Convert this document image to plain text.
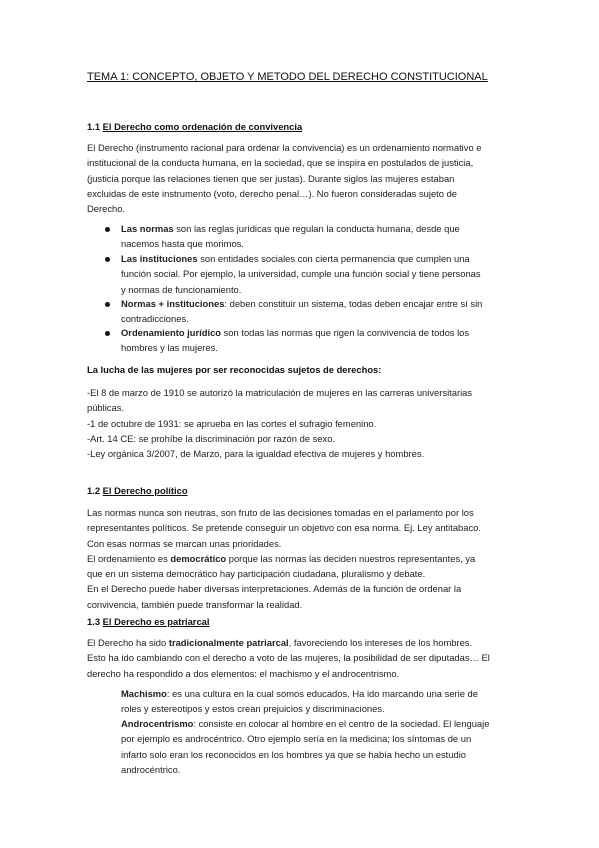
TEMA 1: CONCEPTO, OBJETO Y METODO DEL DERECHO CONSTITUCIONAL
1.1 El Derecho como ordenación de convivencia
El Derecho (instrumento racional para ordenar la convivencia) es un ordenamiento normativo e
institucional de la conducta humana, en la sociedad, que se inspira en postulados de justicia,
(justicia porque las relaciones tienen que ser justas). Durante siglos las mujeres estaban
excluidas de este instrumento (voto, derecho penal…). No fueron consideradas sujeto de
Derecho.
Las normas son las reglas jurídicas que regulan la conducta humana, desde que
nacemos hasta que morimos.
Las instituciones son entidades sociales con cierta permanencia que cumplen una
función social. Por ejemplo, la universidad, cumple una función social y tiene personas
y normas de funcionamiento.
Normas + instituciones: deben constituir un sistema, todas deben encajar entre sí sin
contradicciones.
Ordenamiento jurídico son todas las normas que rigen la convivencia de todos los
hombres y las mujeres.
La lucha de las mujeres por ser reconocidas sujetos de derechos:
-El 8 de marzo de 1910 se autorizó la matriculación de mujeres en las carreras universitarias
públicas.
-1 de octubre de 1931: se aprueba en las cortes el sufragio femenino.
-Art. 14 CE: se prohíbe la discriminación por razón de sexo.
-Ley orgánica 3/2007, de Marzo, para la igualdad efectiva de mujeres y hombres.
1.2 El Derecho político
Las normas nunca son neutras, son fruto de las decisiones tomadas en el parlamento por los
representantes políticos. Se pretende conseguir un objetivo con esa norma. Ej. Ley antitabaco.
Con esas normas se marcan unas prioridades.
El ordenamiento es democrático porque las normas las deciden nuestros representantes, ya
que en un sistema democrático hay participación ciudadana, pluralismo y debate.
En el Derecho puede haber diversas interpretaciones. Además de la función de ordenar la
convivencia, también puede transformar la realidad.
1.3 El Derecho es patriarcal
El Derecho ha sido tradicionalmente patriarcal, favoreciendo los intereses de los hombres.
Esto ha ido cambiando con el derecho a voto de las mujeres, la posibilidad de ser diputadas… El
derecho ha respondido a dos elementos: el machismo y el androcentrismo.
Machismo: es una cultura en la cual somos educados. Ha ido marcando una serie de
roles y estereotipos y estos crean prejuicios y discriminaciones.
Androcentrismo: consiste en colocar al hombre en el centro de la sociedad. El lenguaje
por ejemplo es androcéntrico. Otro ejemplo sería en la medicina; los síntomas de un
infarto solo eran los reconocidos en los hombres ya que se había hecho un estudio
androcéntrico.
